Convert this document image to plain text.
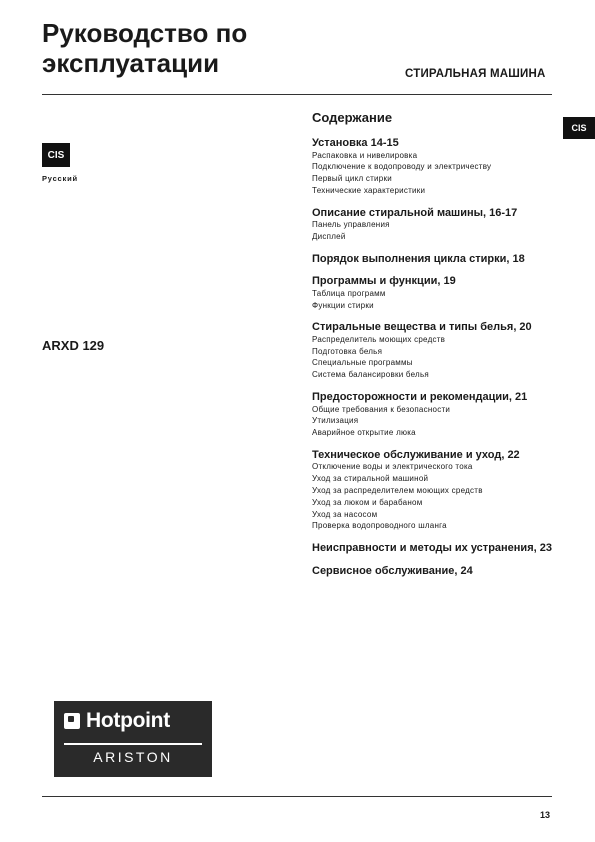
Руководство по
эксплуатации	СТИРАЛЬНАЯ МАШИНА
CIS
Русский
CIS
ARXD 129
Содержание
Установка 14-15
Распаковка и нивелировка
Подключение к водопроводу и электричеству
Первый цикл стирки
Технические характеристики
Описание стиральной машины, 16-17
Панель управления
Дисплей
Порядок выполнения цикла стирки, 18
Программы и функции, 19
Таблица программ
Функции стирки
Стиральные вещества и типы белья, 20
Распределитель моющих средств
Подготовка белья
Специальные программы
Система балансировки белья
Предосторожности и рекомендации, 21
Общие требования к безопасности
Утилизация
Аварийное открытие люка
Техническое обслуживание и уход, 22
Отключение воды и электрического тока
Уход за стиральной машиной
Уход за распределителем моющих средств
Уход за люком и барабаном
Уход за насосом
Проверка водопроводного шланга
Неисправности и методы их устранения, 23
Сервисное обслуживание, 24
Hotpoint
ARISTON
13
